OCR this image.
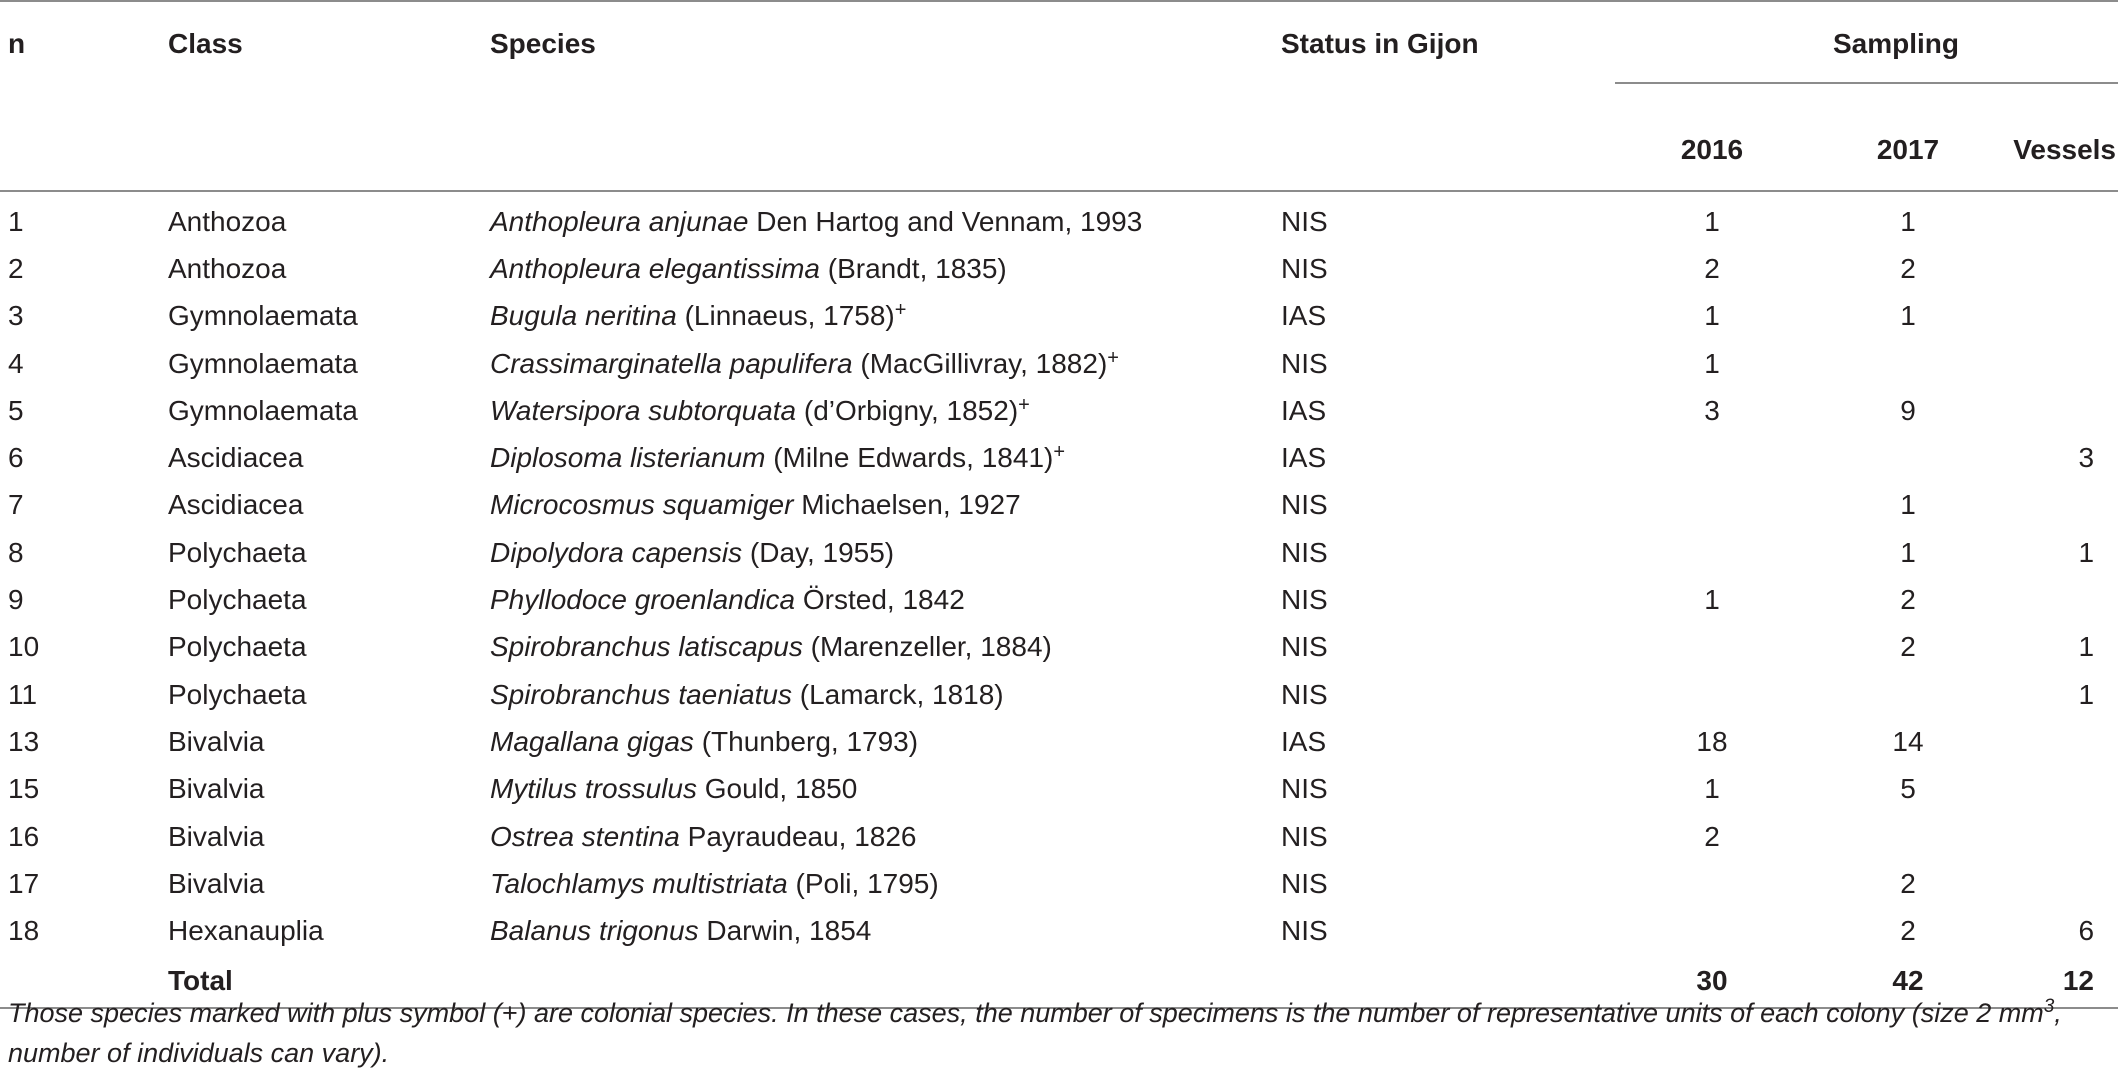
n	Class	Species	Status in Gijon	Sampling		
				2016	2017	Vessels
1	Anthozoa	Anthopleura anjunae Den Hartog and Vennam, 1993	NIS	1	1	
2	Anthozoa	Anthopleura elegantissima (Brandt, 1835)	NIS	2	2	
3	Gymnolaemata	Bugula neritina (Linnaeus, 1758)+	IAS	1	1	
4	Gymnolaemata	Crassimarginatella papulifera (MacGillivray, 1882)+	NIS	1		
5	Gymnolaemata	Watersipora subtorquata (d’Orbigny, 1852)+	IAS	3	9	
6	Ascidiacea	Diplosoma listerianum (Milne Edwards, 1841)+	IAS			3
7	Ascidiacea	Microcosmus squamiger Michaelsen, 1927	NIS		1	
8	Polychaeta	Dipolydora capensis (Day, 1955)	NIS		1	1
9	Polychaeta	Phyllodoce groenlandica Örsted, 1842	NIS	1	2	
10	Polychaeta	Spirobranchus latiscapus (Marenzeller, 1884)	NIS		2	1
11	Polychaeta	Spirobranchus taeniatus (Lamarck, 1818)	NIS			1
13	Bivalvia	Magallana gigas (Thunberg, 1793)	IAS	18	14	
15	Bivalvia	Mytilus trossulus Gould, 1850	NIS	1	5	
16	Bivalvia	Ostrea stentina Payraudeau, 1826	NIS	2		
17	Bivalvia	Talochlamys multistriata (Poli, 1795)	NIS		2	
18	Hexanauplia	Balanus trigonus Darwin, 1854	NIS		2	6
	Total			30	42	12
Those species marked with plus symbol (+) are colonial species. In these cases, the number of specimens is the number of representative units of each colony (size 2 $mm^3$, number of individuals can vary).
